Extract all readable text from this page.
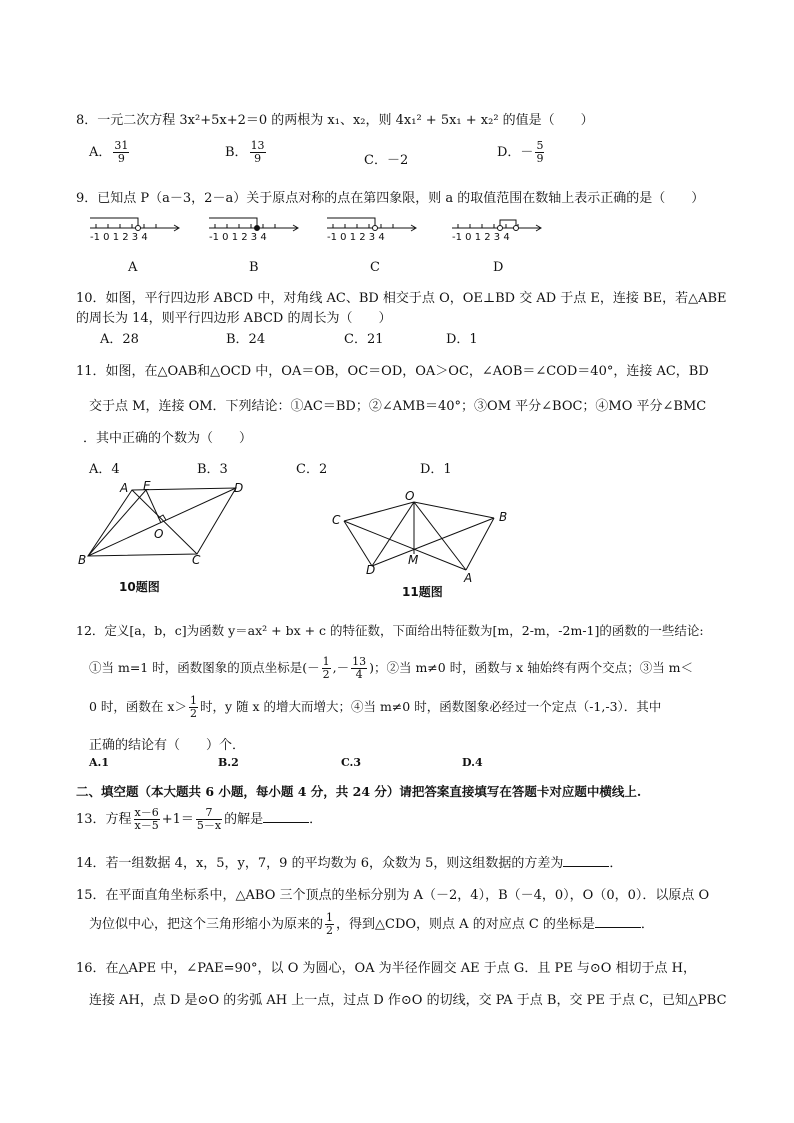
8．一元二次方程 3x²+5x+2＝0 的两根为 x₁、x₂，则 4x₁² + 5x₁ + x₂² 的值是（　　）
A． $\frac{31}{9}$	B． $\frac{13}{9}$	C．－2
D．－ $\frac{5}{9}$
9．已知点 P（a－3，2－a）关于原点对称的点在第四象限，则 a 的取值范围在数轴上表示正确的是（　　）
-1 0 1 2 3 4
A
-1 0 1 2 3 4
B
-1 0 1 2 3 4
C
-1 0 1 2 3 4
D
10．如图，平行四边形 ABCD 中，对角线 AC、BD 相交于点 O，OE⊥BD 交 AD 于点 E，连接 BE，若△ABE
的周长为 14，则平行四边形 ABCD 的周长为（　　）
A．28	B．24	C．21	D．1
11．如图，在△OAB和△OCD 中，OA＝OB，OC＝OD，OA＞OC，∠AOB＝∠COD＝40°，连接 AC，BD
交于点 M，连接 OM．下列结论：①AC＝BD；②∠AMB＝40°；③OM 平分∠BOC；④MO 平分∠BMC
．其中正确的个数为（　　）
A．4	B．3	C．2	D．1
A E	D
O
B	C
10题图
O
C	B
M
D
A
11题图
12．定义[a，b，c]为函数 y＝ax² + bx + c 的特征数，下面给出特征数为[m，2-m，-2m-1]的函数的一些结论:
①当 m=1 时，函数图象的顶点坐标是(－ $\frac{1}{2}$ ,－ $\frac{13}{4}$ )；②当 m≠0 时，函数与 x 轴始终有两个交点；③当 m＜
0 时，函数在 $x> \frac{1}{2}$ 时，y 随 x 的增大而增大；④当 m≠0 时，函数图象必经过一个定点（-1,-3）．其中
正确的结论有（　　）个．
A.1	B.2	C.3	D.4
二、填空题（本大题共 6 小题，每小题 4 分，共 24 分）请把答案直接填写在答题卡对应题中横线上.
13．方程 $\frac{x-6}{x-5} +1= \frac{7}{5-x}$ 的解是	．
14．若一组数据 4，x，5，y，7，9 的平均数为 6，众数为 5，则这组数据的方差为	．
15．在平面直角坐标系中，△ABO 三个顶点的坐标分别为 A（－2，4），B（－4，0），O（0，0）．以原点 O
为位似中心，把这个三角形缩小为原来的 $\frac{1}{2}$ ，得到△CDO，则点 A 的对应点 C 的坐标是	．
16．在△APE 中，∠PAE=90°，以 O 为圆心，OA 为半径作圆交 AE 于点 G．且 PE 与⊙O 相切于点 H，
连接 AH，点 D 是⊙O 的劣弧 AH 上一点，过点 D 作⊙O 的切线，交 PA 于点 B，交 PE 于点 C，已知△PBC
